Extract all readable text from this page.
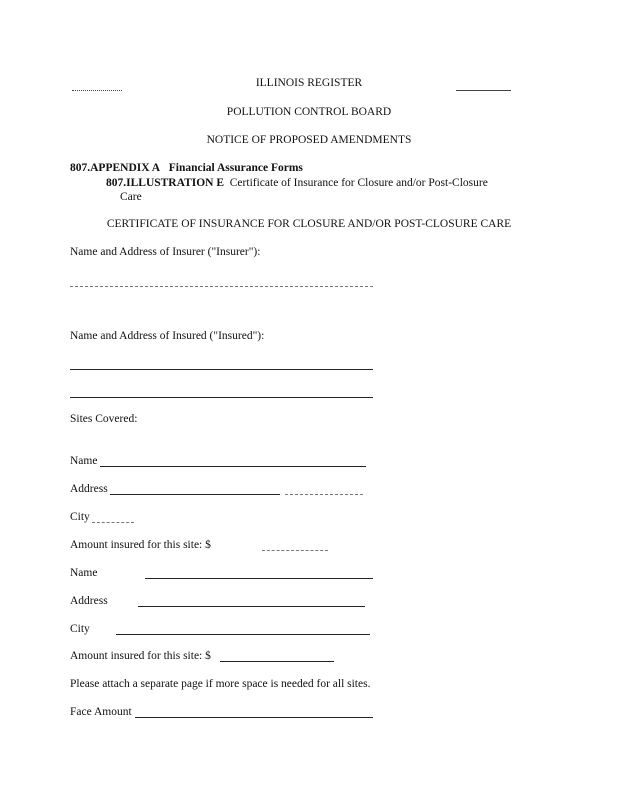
ILLINOIS REGISTER
POLLUTION CONTROL BOARD
NOTICE OF PROPOSED AMENDMENTS
807.APPENDIX A Financial Assurance Forms
807.ILLUSTRATION E Certificate of Insurance for Closure and/or Post-Closure
Care
CERTIFICATE OF INSURANCE FOR CLOSURE AND/OR POST-CLOSURE CARE
Name and Address of Insurer ("Insurer"):
Name and Address of Insured ("Insured"):
Sites Covered:
Name
Address
City
Amount insured for this site: $
Name
Address
City
Amount insured for this site: $
Please attach a separate page if more space is needed for all sites.
Face Amount
